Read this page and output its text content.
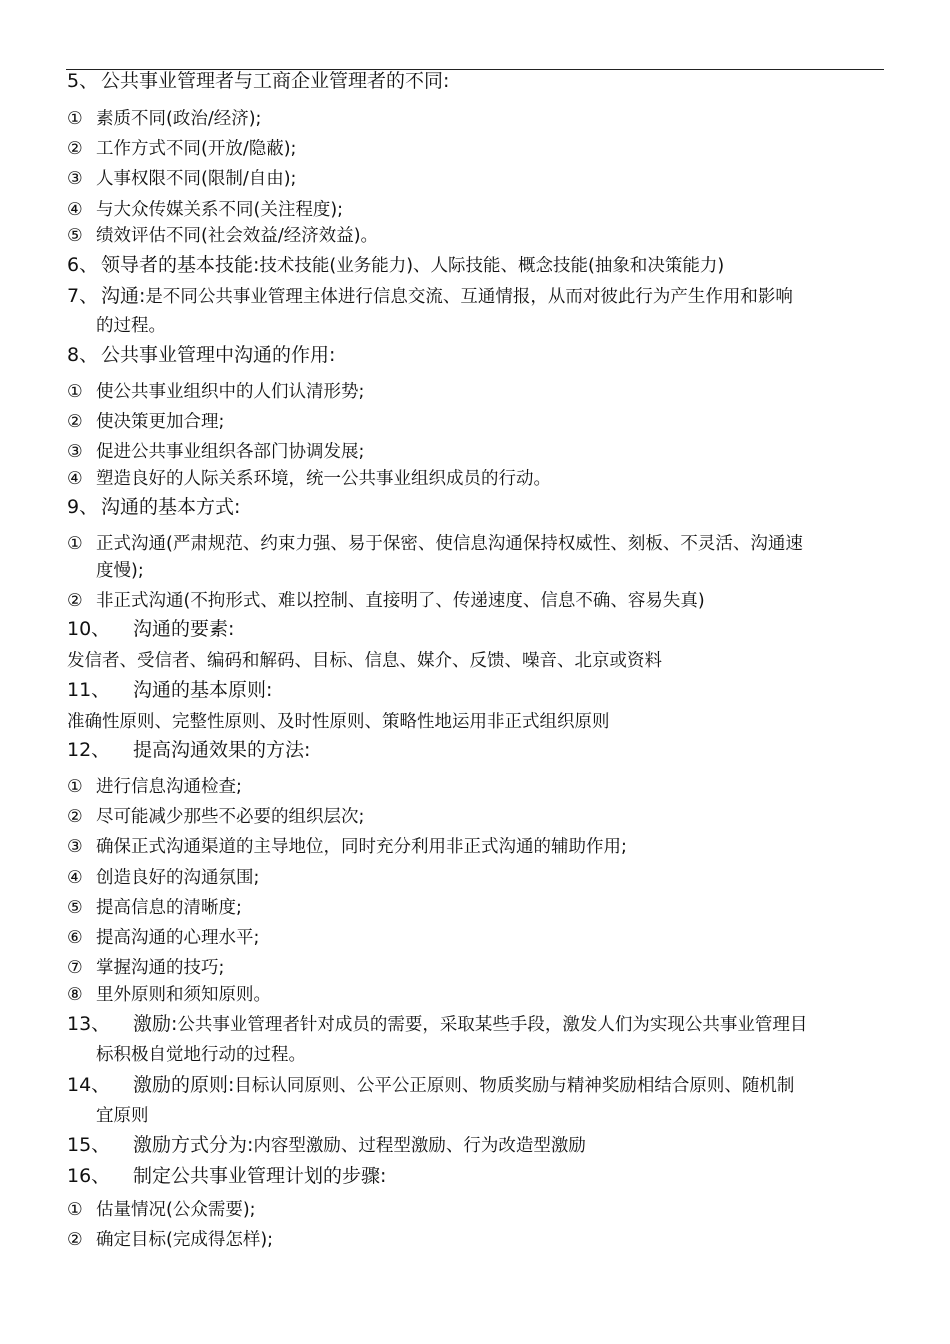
5、 公共事业管理者与工商企业管理者的不同:
① 素质不同(政治/经济);
② 工作方式不同(开放/隐蔽);
③ 人事权限不同(限制/自由);
④ 与大众传媒关系不同(关注程度);
⑤ 绩效评估不同(社会效益/经济效益)。
6、 领导者的基本技能:技术技能(业务能力)、人际技能、概念技能(抽象和决策能力)
7、 沟通:是不同公共事业管理主体进行信息交流、互通情报，从而对彼此行为产生作用和影响
的过程。
8、 公共事业管理中沟通的作用:
① 使公共事业组织中的人们认清形势;
② 使决策更加合理;
③ 促进公共事业组织各部门协调发展;
④ 塑造良好的人际关系环境，统一公共事业组织成员的行动。
9、 沟通的基本方式:
① 正式沟通(严肃规范、约束力强、易于保密、使信息沟通保持权威性、刻板、不灵活、沟通速
度慢);
② 非正式沟通(不拘形式、难以控制、直接明了、传递速度、信息不确、容易失真)
10、 沟通的要素:
发信者、受信者、编码和解码、目标、信息、媒介、反馈、噪音、北京或资料
11、 沟通的基本原则:
准确性原则、完整性原则、及时性原则、策略性地运用非正式组织原则
12、 提高沟通效果的方法:
① 进行信息沟通检查;
② 尽可能减少那些不必要的组织层次;
③ 确保正式沟通渠道的主导地位，同时充分利用非正式沟通的辅助作用;
④ 创造良好的沟通氛围;
⑤ 提高信息的清晰度;
⑥ 提高沟通的心理水平;
⑦ 掌握沟通的技巧;
⑧ 里外原则和须知原则。
13、 激励:公共事业管理者针对成员的需要，采取某些手段，激发人们为实现公共事业管理目
标积极自觉地行动的过程。
14、 激励的原则:目标认同原则、公平公正原则、物质奖励与精神奖励相结合原则、随机制
宜原则
15、 激励方式分为:内容型激励、过程型激励、行为改造型激励
16、 制定公共事业管理计划的步骤:
① 估量情况(公众需要);
② 确定目标(完成得怎样);
